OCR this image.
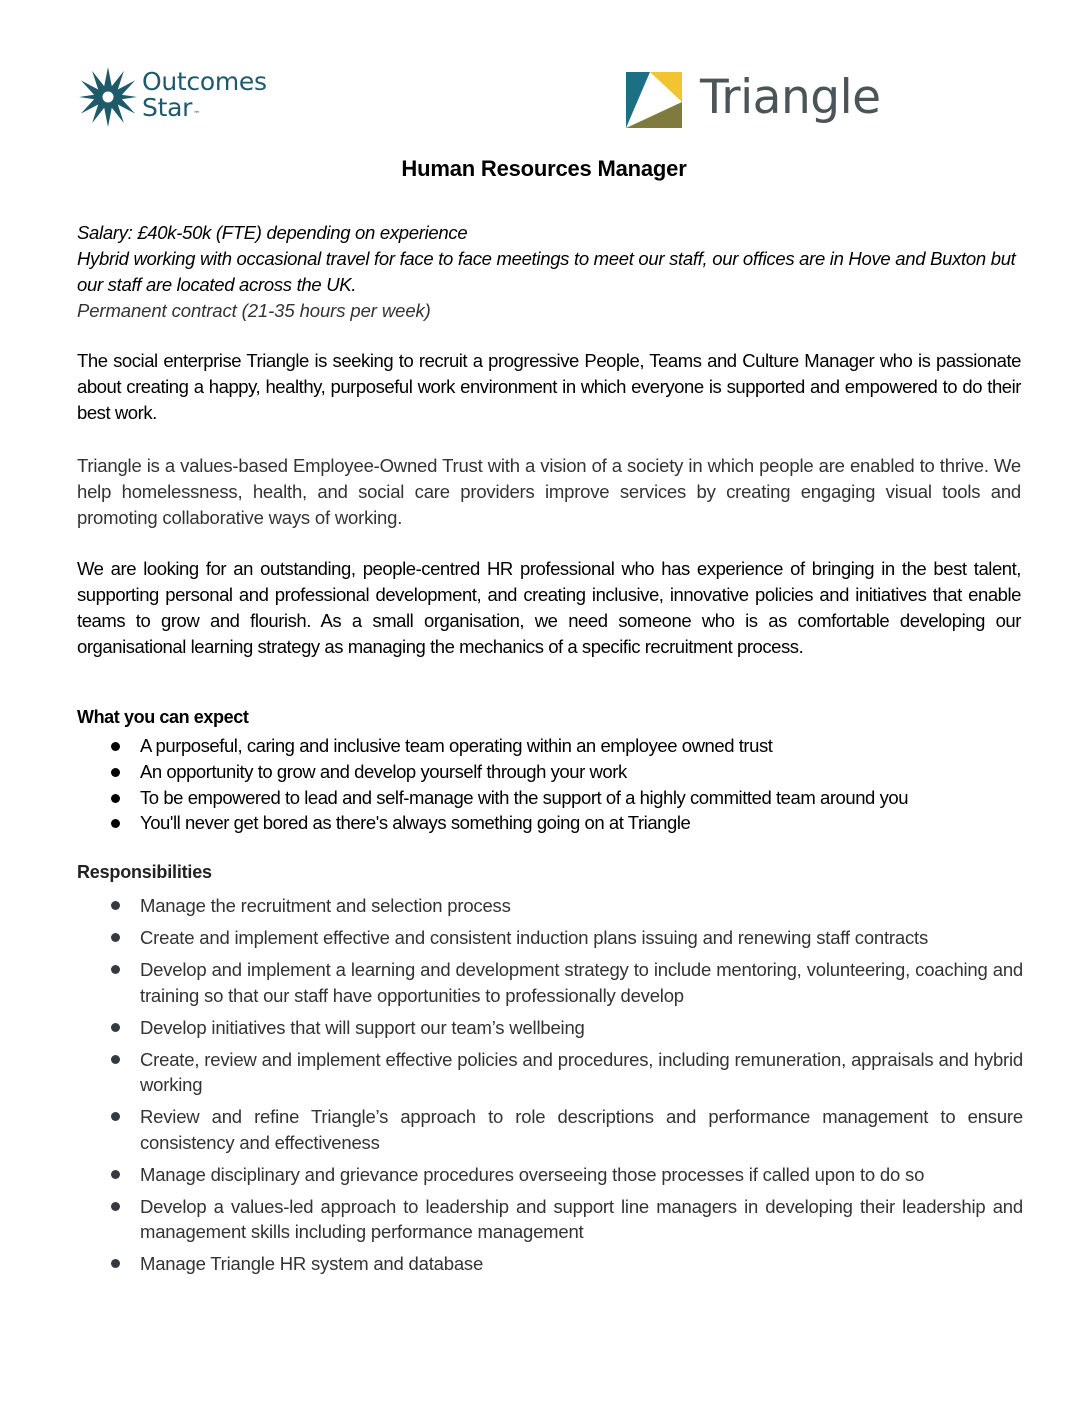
Outcomes
Star™	Triangle
Human Resources Manager
Salary: £40k-50k (FTE) depending on experience
Hybrid working with occasional travel for face to face meetings to meet our staff, our offices are in Hove and Buxton but our staff are located across the UK.
Permanent contract (21-35 hours per week)
The social enterprise Triangle is seeking to recruit a progressive People, Teams and Culture Manager who is passionate about creating a happy, healthy, purposeful work environment in which everyone is supported and empowered to do their best work.
Triangle is a values-based Employee-Owned Trust with a vision of a society in which people are enabled to thrive. We help homelessness, health, and social care providers improve services by creating engaging visual tools and promoting collaborative ways of working.
We are looking for an outstanding, people-centred HR professional who has experience of bringing in the best talent, supporting personal and professional development, and creating inclusive, innovative policies and initiatives that enable teams to grow and flourish. As a small organisation, we need someone who is as comfortable developing our organisational learning strategy as managing the mechanics of a specific recruitment process.
What you can expect
A purposeful, caring and inclusive team operating within an employee owned trust
An opportunity to grow and develop yourself through your work
To be empowered to lead and self-manage with the support of a highly committed team around you
You'll never get bored as there's always something going on at Triangle
Responsibilities
Manage the recruitment and selection process
Create and implement effective and consistent induction plans issuing and renewing staff contracts
Develop and implement a learning and development strategy to include mentoring, volunteering, coaching and training so that our staff have opportunities to professionally develop
Develop initiatives that will support our team’s wellbeing
Create, review and implement effective policies and procedures, including remuneration, appraisals and hybrid working
Review and refine Triangle’s approach to role descriptions and performance management to ensure consistency and effectiveness
Manage disciplinary and grievance procedures overseeing those processes if called upon to do so
Develop a values-led approach to leadership and support line managers in developing their leadership and management skills including performance management
Manage Triangle HR system and database
